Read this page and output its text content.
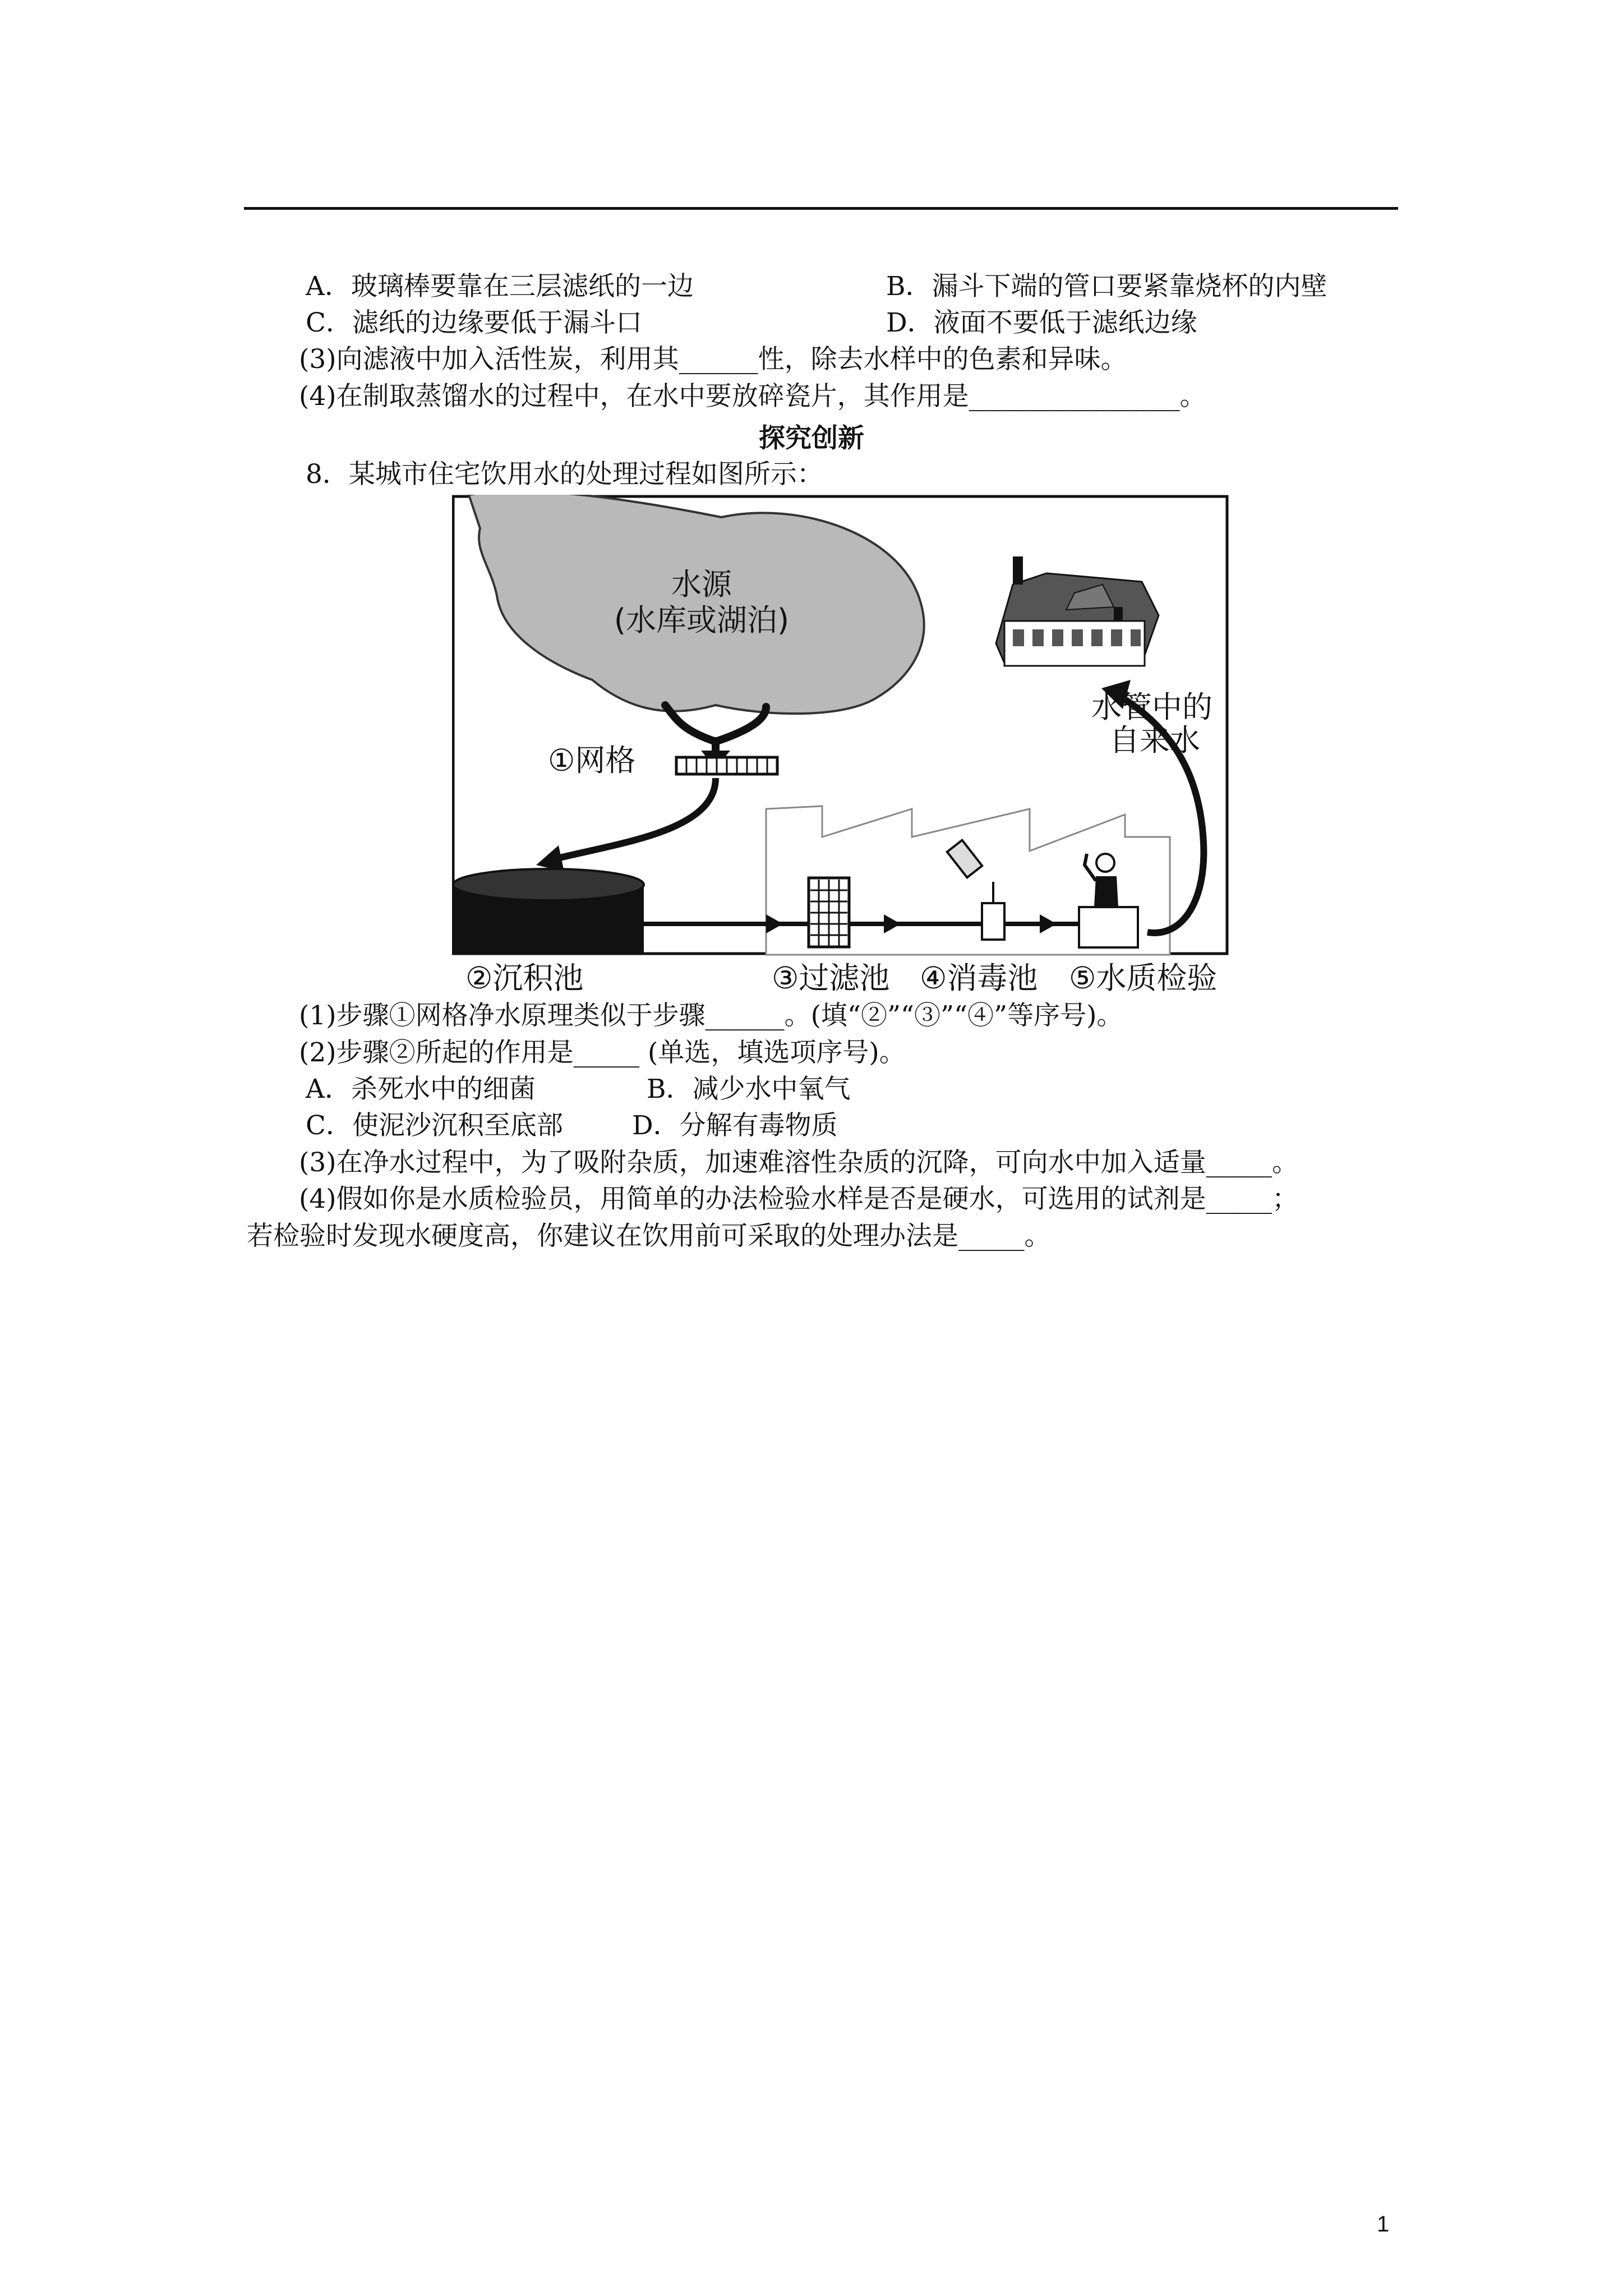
A．玻璃棒要靠在三层滤纸的一边	B．漏斗下端的管口要紧靠烧杯的内壁
C．滤纸的边缘要低于漏斗口	D．液面不要低于滤纸边缘
(3)向滤液中加入活性炭，利用其______性，除去水样中的色素和异味。
(4)在制取蒸馏水的过程中，在水中要放碎瓷片，其作用是________________。
探究创新
8．某城市住宅饮用水的处理过程如图所示：
水源
(水库或湖泊)
①网格
水管中的
自来水
②沉积池	③过滤池 ④消毒池 ⑤水质检验
(1)步骤①网格净水原理类似于步骤______。(填“②”“③”“④”等序号)。
(2)步骤②所起的作用是_____ (单选，填选项序号)。
A．杀死水中的细菌	B．减少水中氧气
C．使泥沙沉积至底部	D．分解有毒物质
(3)在净水过程中，为了吸附杂质，加速难溶性杂质的沉降，可向水中加入适量_____。
(4)假如你是水质检验员，用简单的办法检验水样是否是硬水，可选用的试剂是_____；
若检验时发现水硬度高，你建议在饮用前可采取的处理办法是_____。
1
